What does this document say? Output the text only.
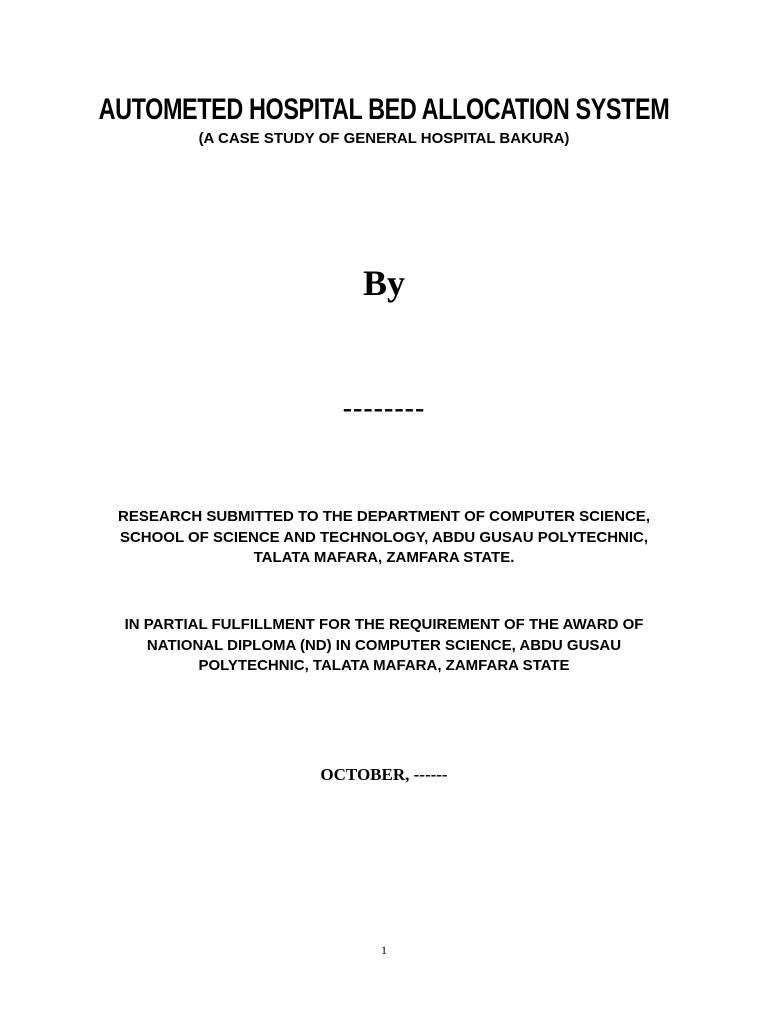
AUTOMETED HOSPITAL BED ALLOCATION SYSTEM
(A CASE STUDY OF GENERAL HOSPITAL BAKURA)
By
--------

RESEARCH SUBMITTED TO THE DEPARTMENT OF COMPUTER SCIENCE,

SCHOOL OF SCIENCE AND TECHNOLOGY, ABDU GUSAU POLYTECHNIC,

TALATA MAFARA, ZAMFARA STATE.

IN PARTIAL FULFILLMENT FOR THE REQUIREMENT OF THE AWARD OF

NATIONAL DIPLOMA (ND) IN COMPUTER SCIENCE, ABDU GUSAU

POLYTECHNIC, TALATA MAFARA, ZAMFARA STATE

OCTOBER, ------
1
